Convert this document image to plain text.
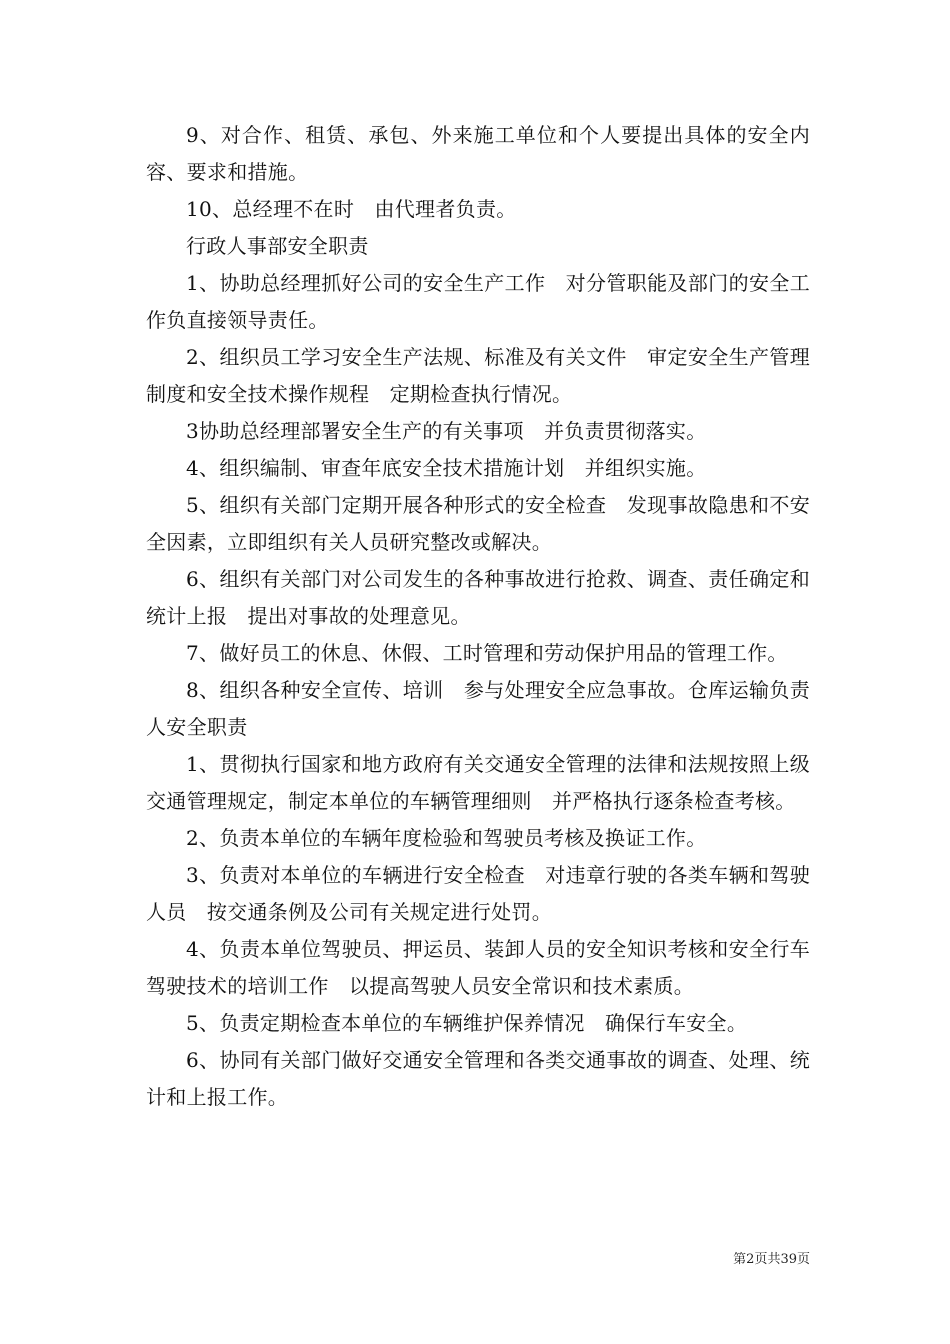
9、对合作、租赁、承包、外来施工单位和个人要提出具体的安全内容、要求和措施。

10、总经理不在时　由代理者负责。

行政人事部安全职责

1、协助总经理抓好公司的安全生产工作　对分管职能及部门的安全工作负直接领导责任。

2、组织员工学习安全生产法规、标准及有关文件　审定安全生产管理制度和安全技术操作规程　定期检查执行情况。

3协助总经理部署安全生产的有关事项　并负责贯彻落实。

4、组织编制、审查年底安全技术措施计划　并组织实施。

5、组织有关部门定期开展各种形式的安全检查　发现事故隐患和不安全因素，立即组织有关人员研究整改或解决。

6、组织有关部门对公司发生的各种事故进行抢救、调查、责任确定和统计上报　提出对事故的处理意见。

7、做好员工的休息、休假、工时管理和劳动保护用品的管理工作。

8、组织各种安全宣传、培训　参与处理安全应急事故。仓库运输负责人安全职责

1、贯彻执行国家和地方政府有关交通安全管理的法律和法规按照上级交通管理规定，制定本单位的车辆管理细则　并严格执行逐条检查考核。

2、负责本单位的车辆年度检验和驾驶员考核及换证工作。

3、负责对本单位的车辆进行安全检查　对违章行驶的各类车辆和驾驶人员　按交通条例及公司有关规定进行处罚。

4、负责本单位驾驶员、押运员、装卸人员的安全知识考核和安全行车驾驶技术的培训工作　以提高驾驶人员安全常识和技术素质。

5、负责定期检查本单位的车辆维护保养情况　确保行车安全。

6、协同有关部门做好交通安全管理和各类交通事故的调查、处理、统计和上报工作。

第2页共39页
